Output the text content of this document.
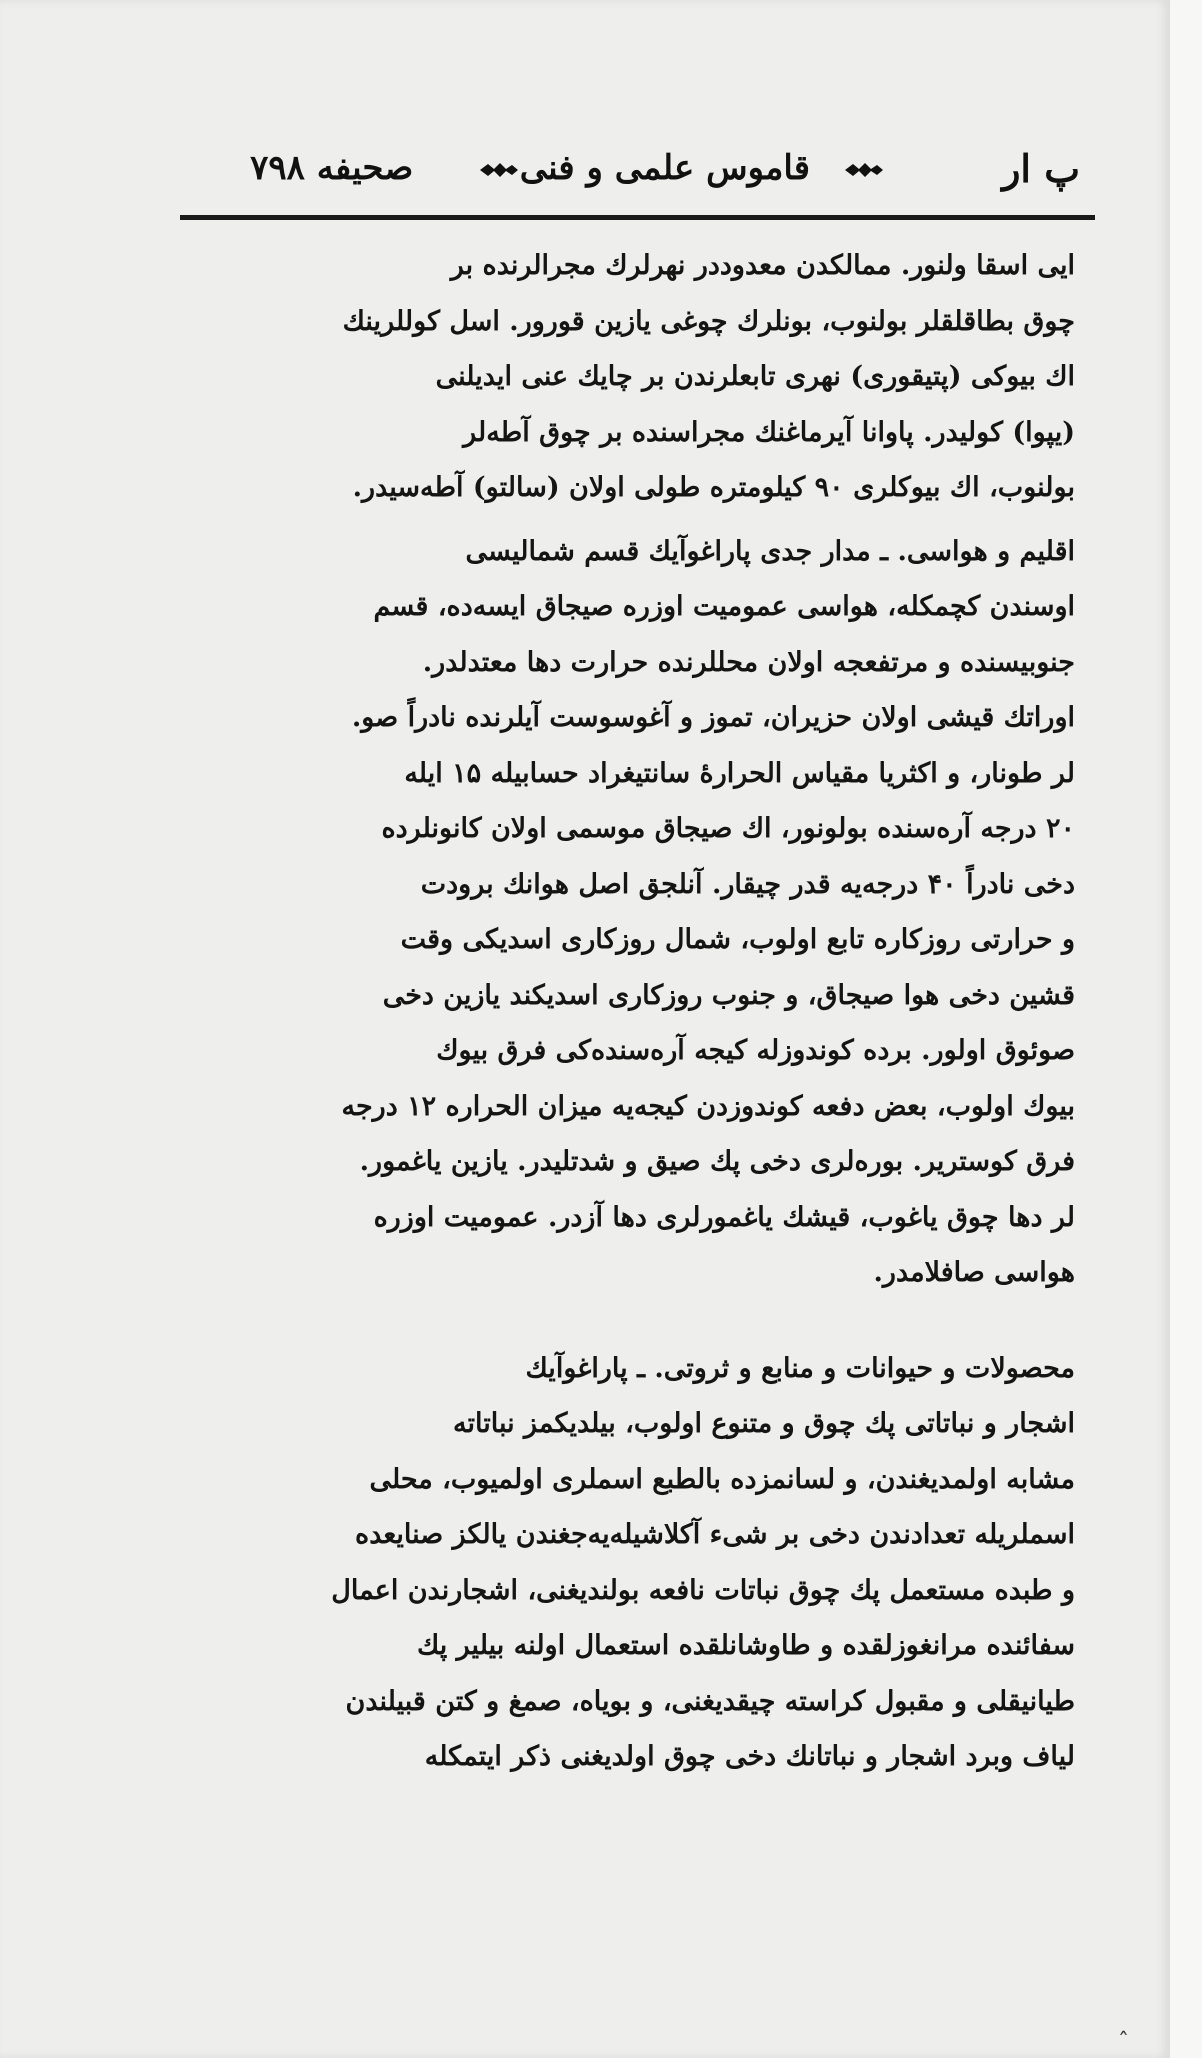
پ ار
قاموس علمی و فنی         صحیفه ۷۹۸

ایی اسقا ولنور. ممالکدن معدوددر نهرلرك مجرالرنده بر

چوق بطاقلقلر بولنوب، بونلرك چوغی یازین قورور. اسل کوللرینك

اك بیوکی (پتیقوری) نهری تابعلرندن بر چایك عنی ایدیلنی

(یپوا) کولیدر. پاوانا آیرماغنك مجراسنده بر چوق آطه‌لر

بولنوب، اك بیوکلری ۹۰ کیلومتره طولی اولان (سالتو) آطه‌سیدر.

اقلیم و هواسی. ـ مدار جدی پاراغوآیك قسم شمالیسی

اوسندن کچمکله، هواسی عمومیت اوزره صیجاق ایسه‌ده، قسم

جنوبیسنده و مرتفعجه اولان محللرنده حرارت دها معتدلدر.

اوراتك قیشی اولان حزیران، تموز و آغوسوست آیلرنده نادراً صو.

لر طونار، و اکثریا مقیاس الحرارهٔ سانتیغراد حسابیله ۱۵ ایله

۲۰ درجه آره‌سنده بولونور، اك صیجاق موسمی اولان کانونلرده

دخی نادراً ۴۰ درجه‌یه قدر چیقار. آنلجق اصل هوانك برودت

و حرارتی روزکاره تابع اولوب، شمال روزکاری اسدیکی وقت

قشین دخی هوا صیجاق، و جنوب روزکاری اسدیکند یازین دخی

صوئوق اولور. برده کوندوزله کیجه آره‌سنده‌کی فرق بیوك

بیوك اولوب، بعض دفعه کوندوزدن کیجه‌یه میزان الحراره ۱۲ درجه

فرق کوستریر. بوره‌لری دخی پك صیق و شدتلیدر. یازین یاغمور.

لر دها چوق یاغوب، قیشك یاغمورلری دها آزدر. عمومیت اوزره

هواسی صافلامدر.

محصولات و حیوانات و منابع و ثروتی. ـ پاراغوآیك

اشجار و نباتاتی پك چوق و متنوع اولوب، بیلدیکمز نباتاته

مشابه اولمدیغندن، و لسانمزده بالطبع اسملری اولمیوب، محلی

اسملریله تعدادندن دخی بر شیء آکلاشیله‌یه‌جغندن یالکز صنایعده

و طبده مستعمل پك چوق نباتات نافعه بولندیغنی، اشجارندن اعمال

سفائنده مرانغوزلقده و طاوشانلقده استعمال اولنه بیلیر پك

طیانیقلی و مقبول کراسته چیقدیغنی، و بویاه، صمغ و کتن قبیلندن

لیاف وبرد اشجار و نباتانك دخی چوق اولدیغنی ذکر ایتمکله

ˆ
